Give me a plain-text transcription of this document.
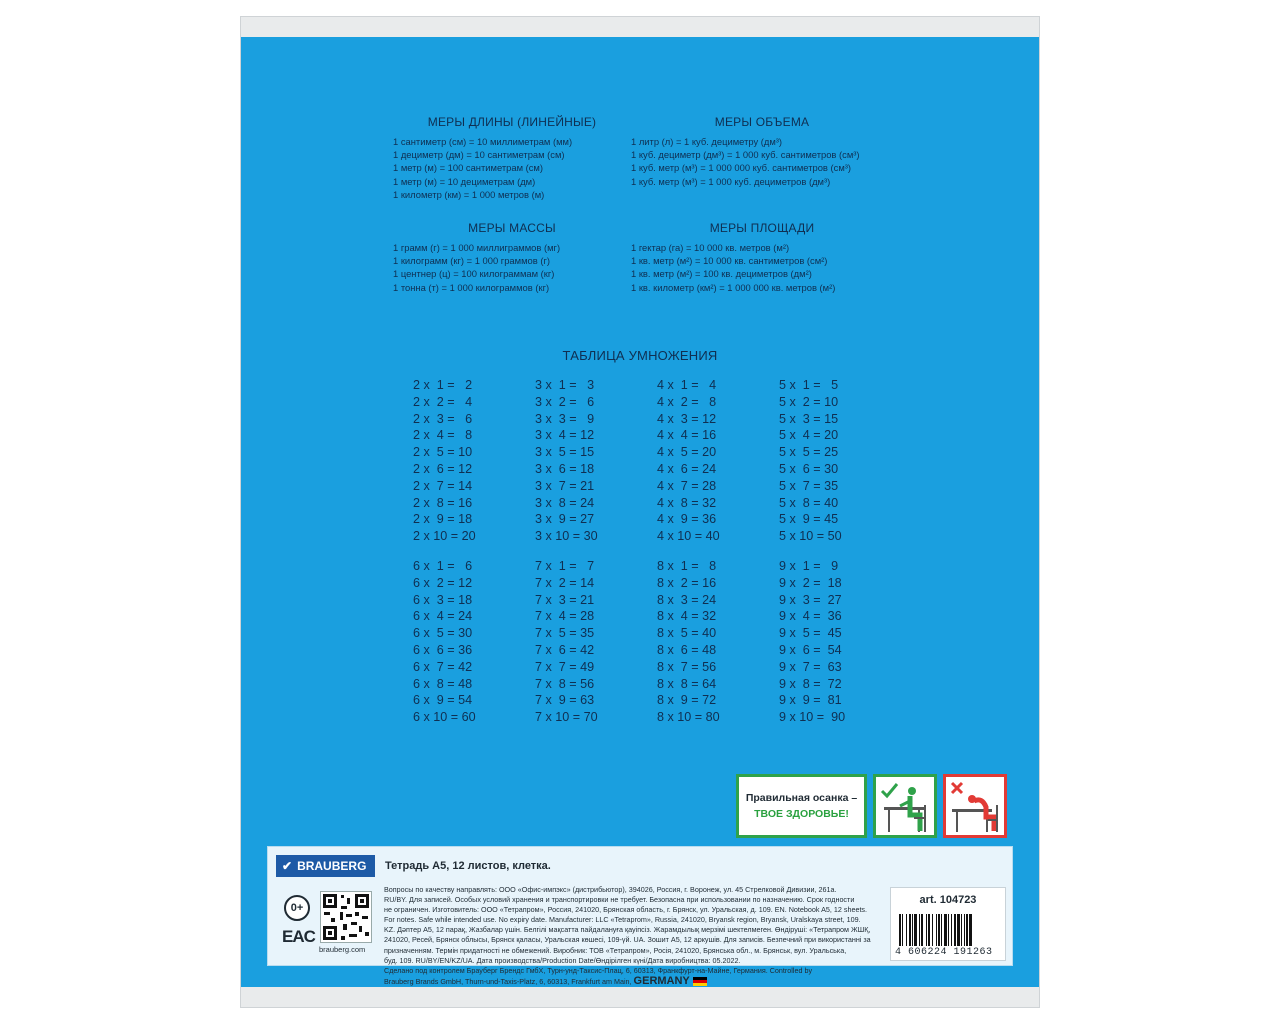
МЕРЫ ДЛИНЫ (ЛИНЕЙНЫЕ)
1 сантиметр (см) = 10 миллиметрам (мм)
1 дециметр (дм) = 10 сантиметрам (см)
1 метр (м) = 100 сантиметрам (см)
1 метр (м) = 10 дециметрам (дм)
1 километр (км) = 1 000 метров (м)
МЕРЫ ОБЪЕМА
1 литр (л) = 1 куб. дециметру (дм³)
1 куб. дециметр (дм³) = 1 000 куб. сантиметров (см³)
1 куб. метр (м³) = 1 000 000 куб. сантиметров (см³)
1 куб. метр (м³) = 1 000 куб. дециметров (дм³)
МЕРЫ МАССЫ
1 грамм (г) = 1 000 миллиграммов (мг)
1 килограмм (кг) = 1 000 граммов (г)
1 центнер (ц) = 100 килограммам (кг)
1 тонна (т) = 1 000 килограммов (кг)
МЕРЫ ПЛОЩАДИ
1 гектар (га) = 10 000 кв. метров (м²)
1 кв. метр (м²) = 10 000 кв. сантиметров (см²)
1 кв. метр (м²) = 100 кв. дециметров (дм²)
1 кв. километр (км²) = 1 000 000 кв. метров (м²)
ТАБЛИЦА УМНОЖЕНИЯ
2 x  1 =   2
2 x  2 =   4
2 x  3 =   6
2 x  4 =   8
2 x  5 = 10
2 x  6 = 12
2 x  7 = 14
2 x  8 = 16
2 x  9 = 18
2 x 10 = 20
3 x  1 =   3
3 x  2 =   6
3 x  3 =   9
3 x  4 = 12
3 x  5 = 15
3 x  6 = 18
3 x  7 = 21
3 x  8 = 24
3 x  9 = 27
3 x 10 = 30
4 x  1 =   4
4 x  2 =   8
4 x  3 = 12
4 x  4 = 16
4 x  5 = 20
4 x  6 = 24
4 x  7 = 28
4 x  8 = 32
4 x  9 = 36
4 x 10 = 40
5 x  1 =   5
5 x  2 = 10
5 x  3 = 15
5 x  4 = 20
5 x  5 = 25
5 x  6 = 30
5 x  7 = 35
5 x  8 = 40
5 x  9 = 45
5 x 10 = 50
6 x  1 =   6
6 x  2 = 12
6 x  3 = 18
6 x  4 = 24
6 x  5 = 30
6 x  6 = 36
6 x  7 = 42
6 x  8 = 48
6 x  9 = 54
6 x 10 = 60
7 x  1 =   7
7 x  2 = 14
7 x  3 = 21
7 x  4 = 28
7 x  5 = 35
7 x  6 = 42
7 x  7 = 49
7 x  8 = 56
7 x  9 = 63
7 x 10 = 70
8 x  1 =   8
8 x  2 = 16
8 x  3 = 24
8 x  4 = 32
8 x  5 = 40
8 x  6 = 48
8 x  7 = 56
8 x  8 = 64
8 x  9 = 72
8 x 10 = 80
9 x  1 =   9
9 x  2 =  18
9 x  3 =  27
9 x  4 =  36
9 x  5 =  45
9 x  6 =  54
9 x  7 =  63
9 x  8 =  72
9 x  9 =  81
9 x 10 =  90
Правильная осанка –
ТВОЕ ЗДОРОВЬЕ!
✔ BRAUBERG Тетрадь А5, 12 листов, клетка.
0+
EAC
brauberg.com

Вопросы по качеству направлять: ООО «Офис-импэкс» (дистрибьютор), 394026, Россия, г. Воронеж, ул. 45 Стрелковой Дивизии, 261а.

RU/BY. Для записей. Особых условий хранения и транспортировки не требует. Безопасна при использовании по назначению. Срок годности

не ограничен. Изготовитель: ООО «Тетрапром», Россия, 241020, Брянская область, г. Брянск, ул. Уральская, д. 109. EN. Notebook A5, 12 sheets.

For notes. Safe while intended use. No expiry date. Manufacturer: LLC «Tetraprom», Russia, 241020, Bryansk region, Bryansk, Uralskaya street, 109.

KZ. Дәптер А5, 12 парақ, Жазбалар үшін. Белгілі мақсатта пайдалануға қауіпсіз. Жарамдылық мерзімі шектелмеген. Өндіруші: «Тетрапром ЖШҚ,

241020, Ресей, Брянск облысы, Брянск қаласы, Уральская көшесі, 109-үй. UA. Зошит А5, 12 аркушів. Для записів. Безпечний при використанні за

призначенням. Термін придатності не обмежений. Виробник: ТОВ «Тетрапром», Росія, 241020, Брянська обл., м. Брянськ, вул. Уральська,

буд. 109. RU/BY/EN/KZ/UA. Дата производства/Production Date/Өндірілген күні/Дата виробництва: 05.2022.

Сделано под контролем Брауберг Брендс ГмбХ, Турн-унд-Таксис-Плац, 6, 60313, Франкфурт-на-Майне, Германия. Controlled by

Brauberg Brands GmbH, Thurn-und-Taxis-Platz, 6, 60313, Frankfurt am Main, GERMANY

art. 104723
4 606224 191263
